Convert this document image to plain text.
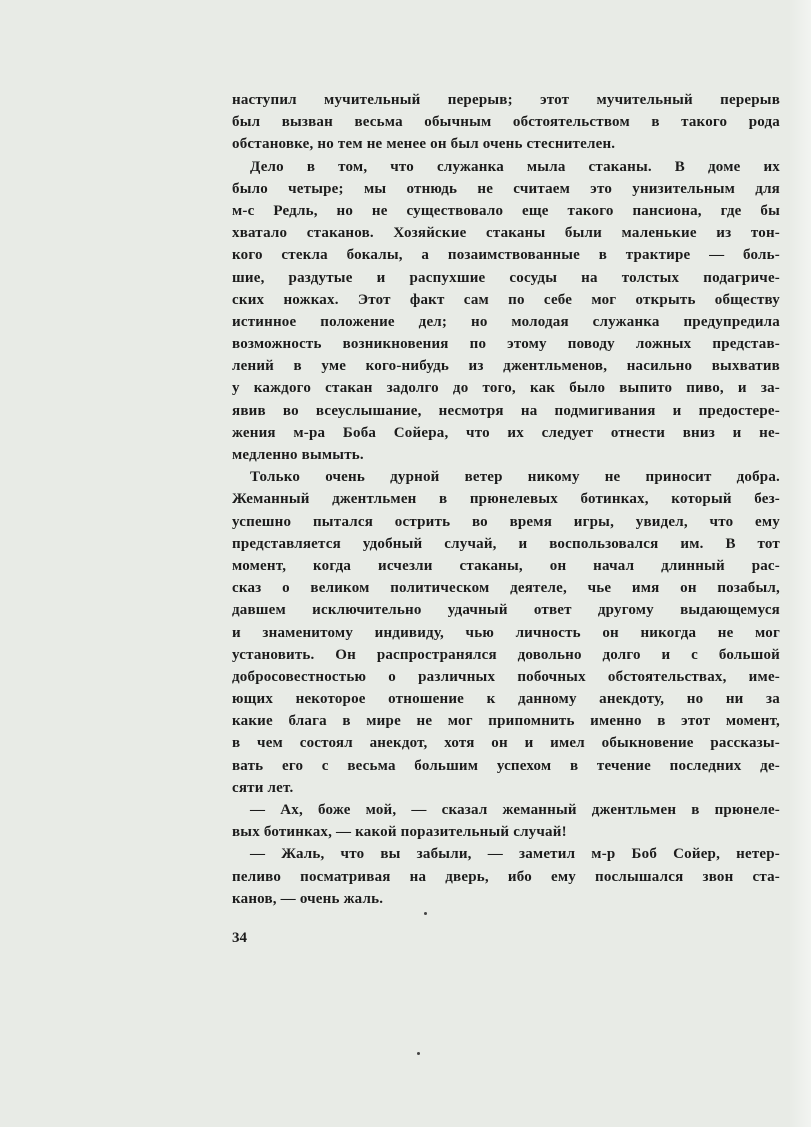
наступил мучительный перерыв; этот мучительный перерыв
был вызван весьма обычным обстоятельством в такого рода
обстановке, но тем не менее он был очень стеснителен.
Дело в том, что служанка мыла стаканы. В доме их
было четыре; мы отнюдь не считаем это унизительным для
м-с Редль, но не существовало еще такого пансиона, где бы
хватало стаканов. Хозяйские стаканы были маленькие из тон-
кого стекла бокалы, а позаимствованные в трактире — боль-
шие, раздутые и распухшие сосуды на толстых подагриче-
ских ножках. Этот факт сам по себе мог открыть обществу
истинное положение дел; но молодая служанка предупредила
возможность возникновения по этому поводу ложных представ-
лений в уме кого-нибудь из джентльменов, насильно выхватив
у каждого стакан задолго до того, как было выпито пиво, и за-
явив во всеуслышание, несмотря на подмигивания и предостере-
жения м-ра Боба Сойера, что их следует отнести вниз и не-
медленно вымыть.
Только очень дурной ветер никому не приносит добра.
Жеманный джентльмен в прюнелевых ботинках, который без-
успешно пытался острить во время игры, увидел, что ему
представляется удобный случай, и воспользовался им. В тот
момент, когда исчезли стаканы, он начал длинный рас-
сказ о великом политическом деятеле, чье имя он позабыл,
давшем исключительно удачный ответ другому выдающемуся
и знаменитому индивиду, чью личность он никогда не мог
установить. Он распространялся довольно долго и с большой
добросовестностью о различных побочных обстоятельствах, име-
ющих некоторое отношение к данному анекдоту, но ни за
какие блага в мире не мог припомнить именно в этот момент,
в чем состоял анекдот, хотя он и имел обыкновение рассказы-
вать его с весьма большим успехом в течение последних де-
сяти лет.
— Ах, боже мой, — сказал жеманный джентльмен в прюнеле-
вых ботинках, — какой поразительный случай!
— Жаль, что вы забыли, — заметил м-р Боб Сойер, нетер-
пеливо посматривая на дверь, ибо ему послышался звон ста-
канов, — очень жаль.
34
